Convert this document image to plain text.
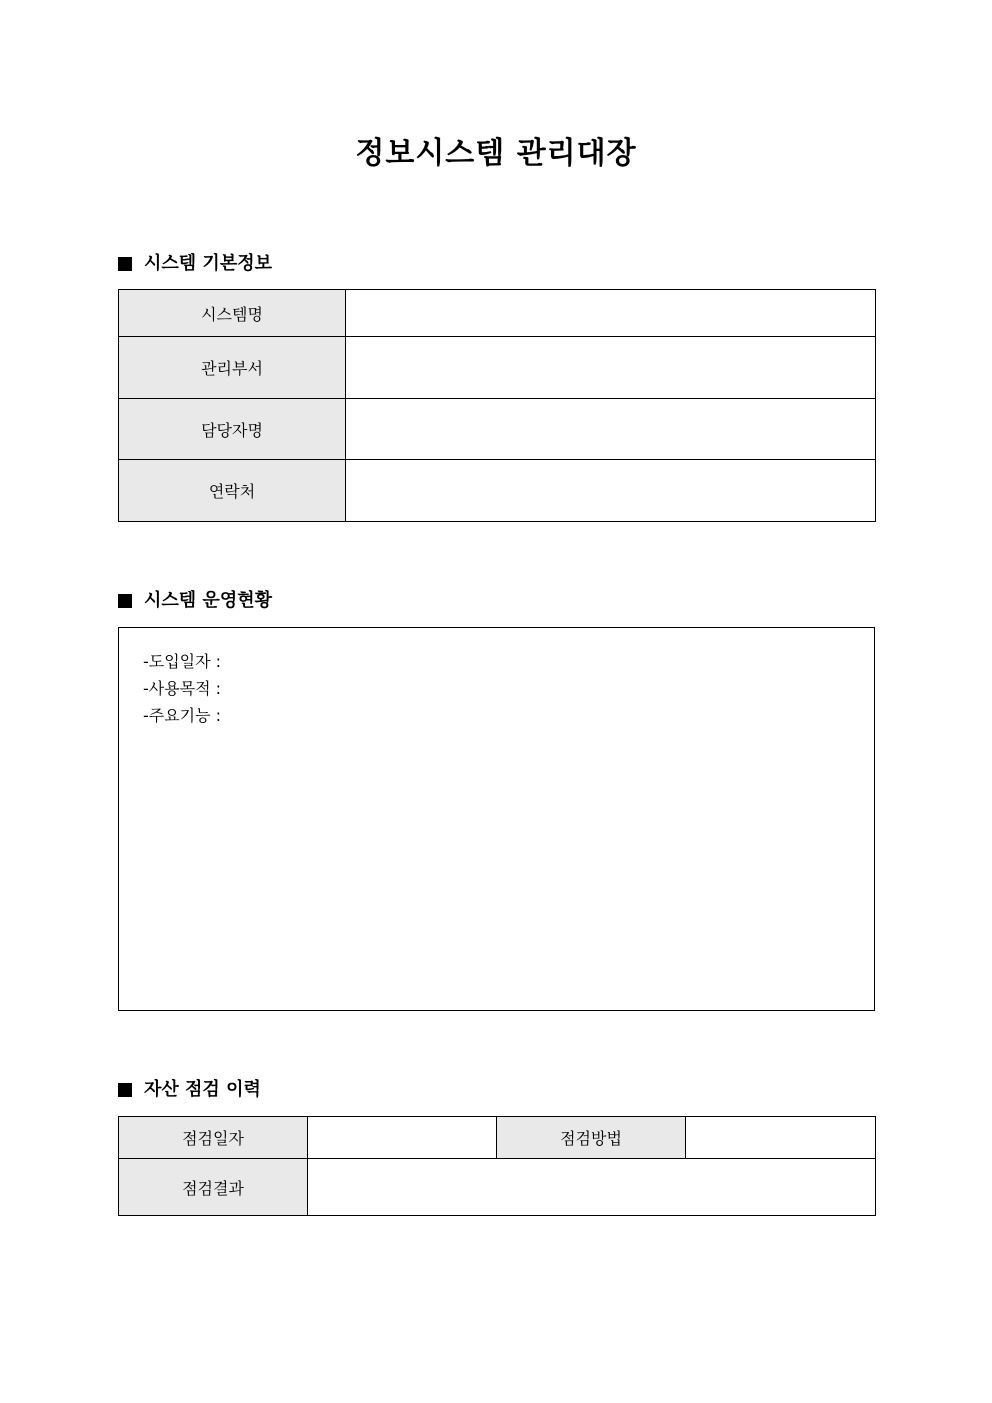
정보시스템 관리대장
시스템 기본정보
시스템명	
관리부서	
담당자명	
연락처	
시스템 운영현황
-도입일자 :
-사용목적 :
-주요기능 :
자산 점검 이력
점검일자		점검방법	
점검결과			
